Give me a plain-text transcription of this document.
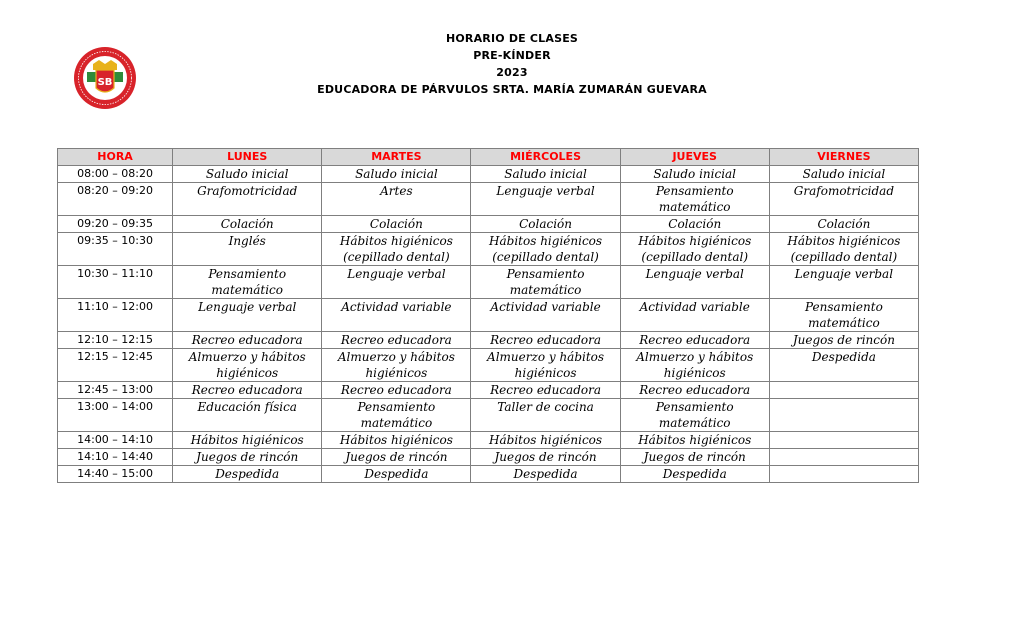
SB
HORARIO DE CLASES
PRE-KÍNDER
2023
EDUCADORA DE PÁRVULOS SRTA. MARÍA ZUMARÁN GUEVARA
HORA	LUNES	MARTES	MIÉRCOLES	JUEVES	VIERNES
08:00 – 08:20	Saludo inicial	Saludo inicial	Saludo inicial	Saludo inicial	Saludo inicial
08:20 – 09:20	Grafomotricidad	Artes	Lenguaje verbal	Pensamiento matemático	Grafomotricidad
09:20 – 09:35	Colación	Colación	Colación	Colación	Colación
09:35 – 10:30	Inglés	Hábitos higiénicos (cepillado dental)	Hábitos higiénicos (cepillado dental)	Hábitos higiénicos (cepillado dental)	Hábitos higiénicos (cepillado dental)
10:30 – 11:10	Pensamiento matemático	Lenguaje verbal	Pensamiento matemático	Lenguaje verbal	Lenguaje verbal
11:10 – 12:00	Lenguaje verbal	Actividad variable	Actividad variable	Actividad variable	Pensamiento matemático
12:10 – 12:15	Recreo educadora	Recreo educadora	Recreo educadora	Recreo educadora	Juegos de rincón
12:15 – 12:45	Almuerzo y hábitos higiénicos	Almuerzo y hábitos higiénicos	Almuerzo y hábitos higiénicos	Almuerzo y hábitos higiénicos	Despedida
12:45 – 13:00	Recreo educadora	Recreo educadora	Recreo educadora	Recreo educadora	
13:00 – 14:00	Educación física	Pensamiento matemático	Taller de cocina	Pensamiento matemático	
14:00 – 14:10	Hábitos higiénicos	Hábitos higiénicos	Hábitos higiénicos	Hábitos higiénicos	
14:10 – 14:40	Juegos de rincón	Juegos de rincón	Juegos de rincón	Juegos de rincón	
14:40 – 15:00	Despedida	Despedida	Despedida	Despedida	
